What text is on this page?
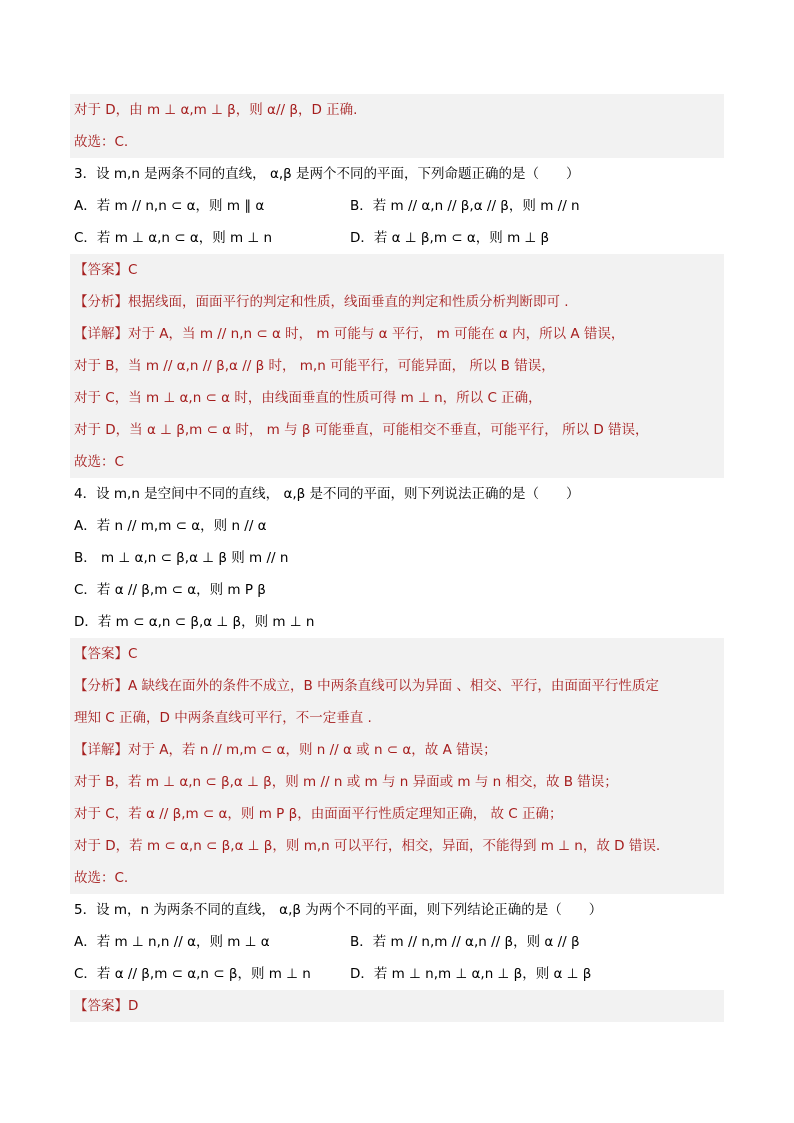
对于 D，由 m ⊥ α,m ⊥ β，则 α// β，D 正确.
故选：C.
3．设 m,n 是两条不同的直线， α,β 是两个不同的平面，下列命题正确的是（　　）
A．若 m // n,n ⊂ α，则 m ∥ α	B．若 m // α,n // β,α // β，则 m // n
C．若 m ⊥ α,n ⊂ α，则 m ⊥ n	D．若 α ⊥ β,m ⊂ α，则 m ⊥ β
【答案】C
【分析】根据线面，面面平行的判定和性质，线面垂直的判定和性质分析判断即可 .
【详解】对于 A，当 m // n,n ⊂ α 时， m 可能与 α 平行， m 可能在 α 内，所以 A 错误，
对于 B，当 m // α,n // β,α // β 时， m,n 可能平行，可能异面， 所以 B 错误，
对于 C，当 m ⊥ α,n ⊂ α 时，由线面垂直的性质可得 m ⊥ n，所以 C 正确，
对于 D，当 α ⊥ β,m ⊂ α 时， m 与 β 可能垂直，可能相交不垂直，可能平行， 所以 D 错误，
故选：C
4．设 m,n 是空间中不同的直线， α,β 是不同的平面，则下列说法正确的是（　　）
A．若 n // m,m ⊂ α，则 n // α
B． m ⊥ α,n ⊂ β,α ⊥ β 则 m // n
C．若 α // β,m ⊂ α，则 m P β
D．若 m ⊂ α,n ⊂ β,α ⊥ β，则 m ⊥ n
【答案】C
【分析】A 缺线在面外的条件不成立，B 中两条直线可以为异面 、相交、平行，由面面平行性质定
理知 C 正确，D 中两条直线可平行，不一定垂直 .
【详解】对于 A，若 n // m,m ⊂ α，则 n // α 或 n ⊂ α，故 A 错误；
对于 B，若 m ⊥ α,n ⊂ β,α ⊥ β，则 m // n 或 m 与 n 异面或 m 与 n 相交，故 B 错误；
对于 C，若 α // β,m ⊂ α，则 m P β，由面面平行性质定理知正确， 故 C 正确；
对于 D，若 m ⊂ α,n ⊂ β,α ⊥ β，则 m,n 可以平行，相交，异面，不能得到 m ⊥ n，故 D 错误.
故选：C.
5．设 m，n 为两条不同的直线， α,β 为两个不同的平面，则下列结论正确的是（　　）
A．若 m ⊥ n,n // α，则 m ⊥ α	B．若 m // n,m // α,n // β，则 α // β
C．若 α // β,m ⊂ α,n ⊂ β，则 m ⊥ n	D．若 m ⊥ n,m ⊥ α,n ⊥ β，则 α ⊥ β
【答案】D
